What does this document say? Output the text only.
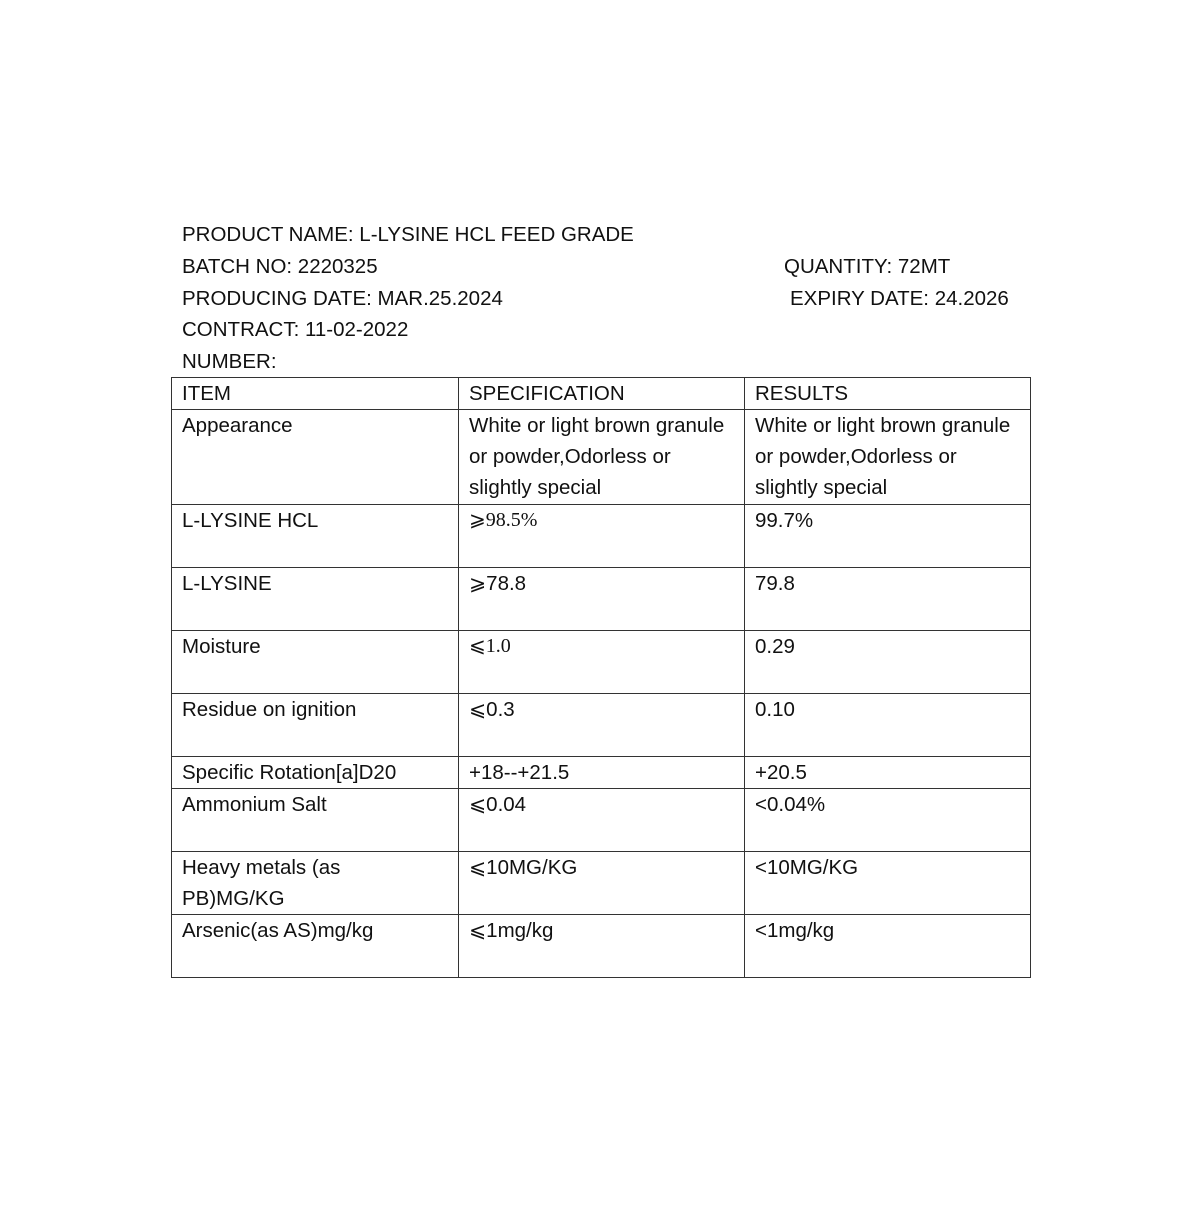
PRODUCT NAME: L-LYSINE HCL FEED GRADE
BATCH NO: 2220325	QUANTITY: 72MT
PRODUCING DATE: MAR.25.2024	EXPIRY DATE: 24.2026
CONTRACT: 11-02-2022
NUMBER:
ITEM	SPECIFICATION	RESULTS
Appearance	White or light brown granule or powder,Odorless or slightly special	White or light brown granule or powder,Odorless or slightly special
L-LYSINE HCL	⩾98.5%	99.7%
L-LYSINE	⩾78.8	79.8
Moisture	⩽1.0	0.29
Residue on ignition	⩽0.3	0.10
Specific Rotation[a]D20	+18--+21.5	+20.5
Ammonium Salt	⩽0.04	<0.04%
Heavy metals (as PB)MG/KG	⩽10MG/KG	<10MG/KG
Arsenic(as AS)mg/kg	⩽1mg/kg	<1mg/kg
